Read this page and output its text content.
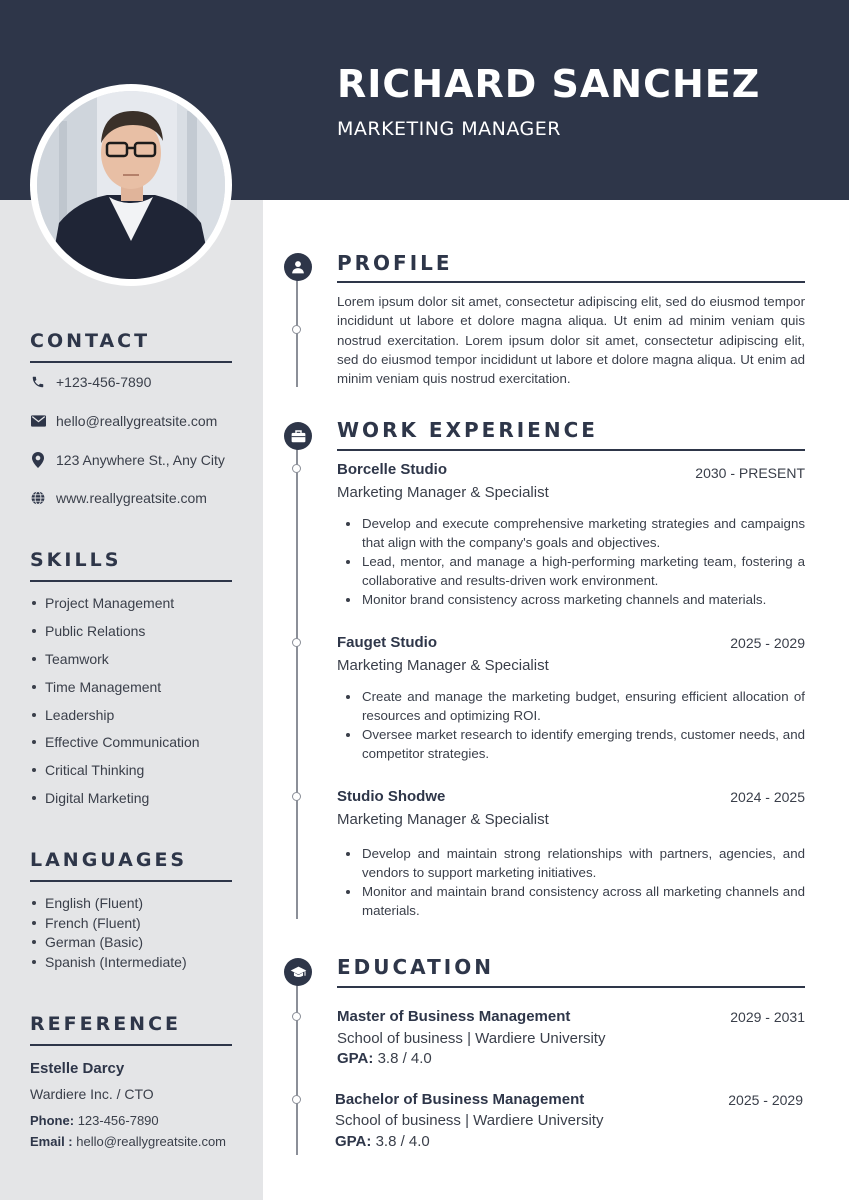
RICHARD SANCHEZ
MARKETING MANAGER
CONTACT
+123-456-7890
hello@reallygreatsite.com
123 Anywhere St., Any City
www.reallygreatsite.com
SKILLS
Project Management
Public Relations
Teamwork
Time Management
Leadership
Effective Communication
Critical Thinking
Digital Marketing
LANGUAGES
English (Fluent)
French (Fluent)
German (Basic)
Spanish (Intermediate)
REFERENCE
Estelle Darcy
Wardiere Inc. / CTO
Phone: 123-456-7890
Email : hello@reallygreatsite.com
PROFILE
Lorem ipsum dolor sit amet, consectetur adipiscing elit, sed do eiusmod tempor incididunt ut labore et dolore magna aliqua. Ut enim ad minim veniam quis nostrud exercitation. Lorem ipsum dolor sit amet, consectetur adipiscing elit, sed do eiusmod tempor incididunt ut labore et dolore magna aliqua. Ut enim ad minim veniam quis nostrud exercitation.
WORK EXPERIENCE
Borcelle Studio	2030 - PRESENT
Marketing Manager & Specialist
Develop and execute comprehensive marketing strategies and campaigns that align with the company's goals and objectives.
Lead, mentor, and manage a high-performing marketing team, fostering a collaborative and results-driven work environment.
Monitor brand consistency across marketing channels and materials.
Fauget Studio	2025 - 2029
Marketing Manager & Specialist
Create and manage the marketing budget, ensuring efficient allocation of resources and optimizing ROI.
Oversee market research to identify emerging trends, customer needs, and competitor strategies.
Studio Shodwe	2024 - 2025
Marketing Manager & Specialist
Develop and maintain strong relationships with partners, agencies, and vendors to support marketing initiatives.
Monitor and maintain brand consistency across all marketing channels and materials.
EDUCATION
Master of Business Management	2029 - 2031
School of business | Wardiere University
GPA: 3.8 / 4.0
Bachelor of Business Management	2025 - 2029
School of business | Wardiere University
GPA: 3.8 / 4.0
